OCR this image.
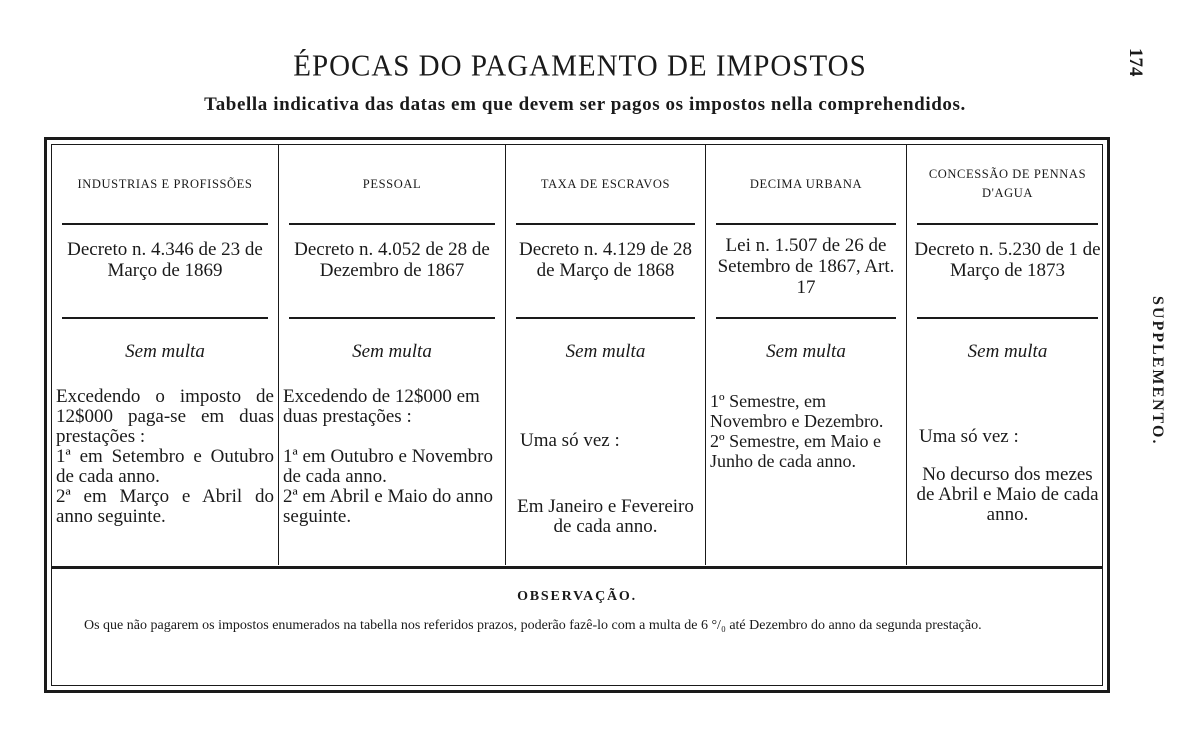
ÉPOCAS DO PAGAMENTO DE IMPOSTOS
Tabella indicativa das datas em que devem ser pagos os impostos nella comprehendidos.
174
SUPPLEMENTO.
INDUSTRIAS E PROFISSÕES
Decreto n. 4.346 de 23 de Março de 1869
Sem multa

Excedendo o imposto de 12$000 paga-se em duas prestações :

1ª em Setembro e Outubro de cada anno.

2ª em Março e Abril do anno seguinte.

PESSOAL
Decreto n. 4.052 de 28 de Dezembro de 1867
Sem multa

Excedendo de 12$000 em duas prestações :

1ª em Outubro e Novembro de cada anno.

2ª em Abril e Maio do anno seguinte.

TAXA DE ESCRAVOS
Decreto n. 4.129 de 28 de Março de 1868
Sem multa

Uma só vez :

Em Janeiro e Fevereiro de cada anno.

DECIMA URBANA
Lei n. 1.507 de 26 de Setembro de 1867, Art. 17
Sem multa

1º Semestre, em Novembro e Dezembro.

2º Semestre, em Maio e Junho de cada anno.

CONCESSÃO DE PENNAS D'AGUA
Decreto n. 5.230 de 1 de Março de 1873
Sem multa

Uma só vez :

No decurso dos mezes de Abril e Maio de cada anno.

OBSERVAÇÃO.
Os que não pagarem os impostos enumerados na tabella nos referidos prazos, poderão fazê-lo com a multa de 6 °/₀ até Dezembro do anno da segunda prestação.
